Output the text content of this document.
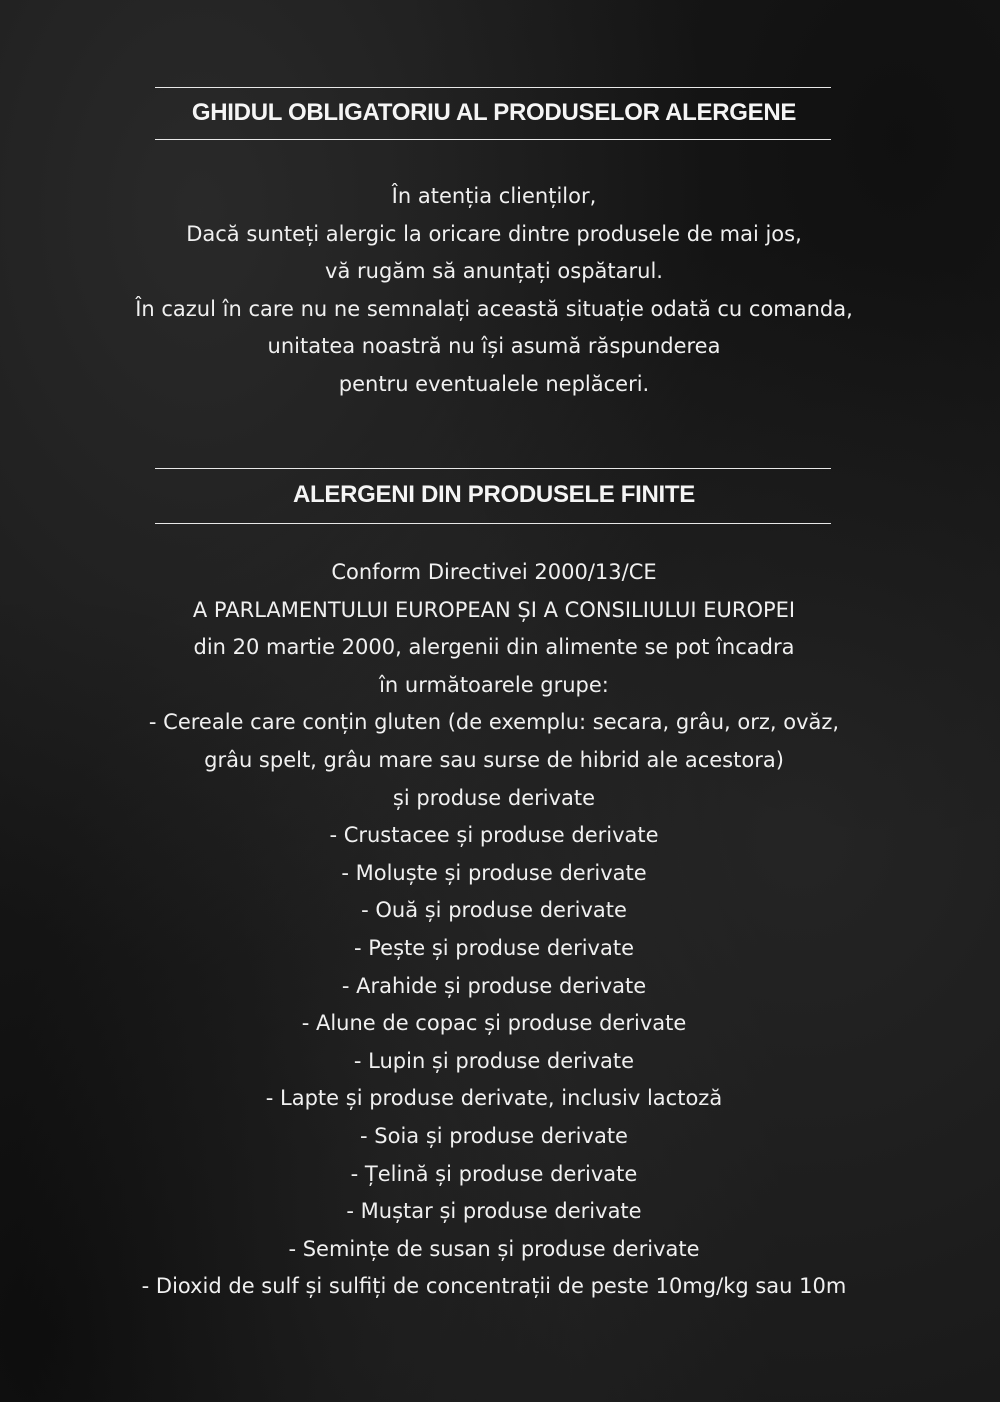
GHIDUL OBLIGATORIU AL PRODUSELOR ALERGENE
În atenția clienților,
Dacă sunteți alergic la oricare dintre produsele de mai jos,
vă rugăm să anunțați ospătarul.
În cazul în care nu ne semnalați această situație odată cu comanda,
unitatea noastră nu își asumă răspunderea
pentru eventualele neplăceri.
ALERGENI DIN PRODUSELE FINITE
Conform Directivei 2000/13/CE
A PARLAMENTULUI EUROPEAN ȘI A CONSILIULUI EUROPEI
din 20 martie 2000, alergenii din alimente se pot încadra
în următoarele grupe:
- Cereale care conțin gluten (de exemplu: secara, grâu, orz, ovăz,
grâu spelt, grâu mare sau surse de hibrid ale acestora)
și produse derivate
- Crustacee și produse derivate
- Moluște și produse derivate
- Ouă și produse derivate
- Pește și produse derivate
- Arahide și produse derivate
- Alune de copac și produse derivate
- Lupin și produse derivate
- Lapte și produse derivate, inclusiv lactoză
- Soia și produse derivate
- Țelină și produse derivate
- Muștar și produse derivate
- Semințe de susan și produse derivate
- Dioxid de sulf și sulfiți de concentrații de peste 10mg/kg sau 10m
